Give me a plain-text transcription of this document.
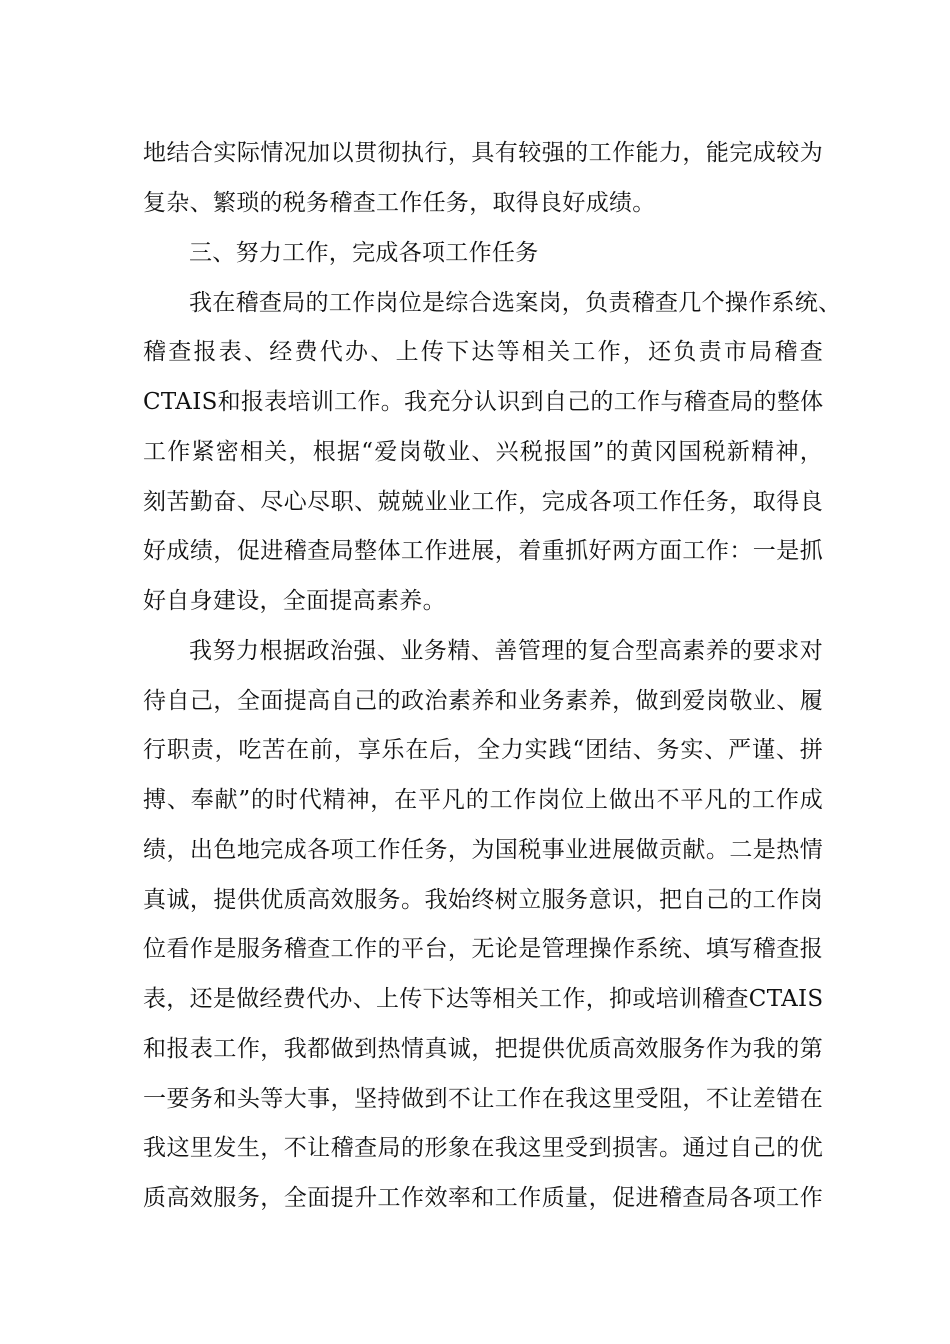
地结合实际情况加以贯彻执行，具有较强的工作能力，能完成较为
复杂、繁琐的税务稽查工作任务，取得良好成绩。
三、努力工作，完成各项工作任务
我在稽查局的工作岗位是综合选案岗，负责稽查几个操作系统、
稽查报表、经费代办、上传下达等相关工作，还负责市局稽查
CTAIS和报表培训工作。我充分认识到自己的工作与稽查局的整体
工作紧密相关，根据“爱岗敬业、兴税报国”的黄冈国税新精神，
刻苦勤奋、尽心尽职、兢兢业业工作，完成各项工作任务，取得良
好成绩，促进稽查局整体工作进展，着重抓好两方面工作：一是抓
好自身建设，全面提高素养。
我努力根据政治强、业务精、善管理的复合型高素养的要求对
待自己，全面提高自己的政治素养和业务素养，做到爱岗敬业、履
行职责，吃苦在前，享乐在后，全力实践“团结、务实、严谨、拼
搏、奉献”的时代精神，在平凡的工作岗位上做出不平凡的工作成
绩，出色地完成各项工作任务，为国税事业进展做贡献。二是热情
真诚，提供优质高效服务。我始终树立服务意识，把自己的工作岗
位看作是服务稽查工作的平台，无论是管理操作系统、填写稽查报
表，还是做经费代办、上传下达等相关工作，抑或培训稽查CTAIS
和报表工作，我都做到热情真诚，把提供优质高效服务作为我的第
一要务和头等大事，坚持做到不让工作在我这里受阻，不让差错在
我这里发生，不让稽查局的形象在我这里受到损害。通过自己的优
质高效服务，全面提升工作效率和工作质量，促进稽查局各项工作
